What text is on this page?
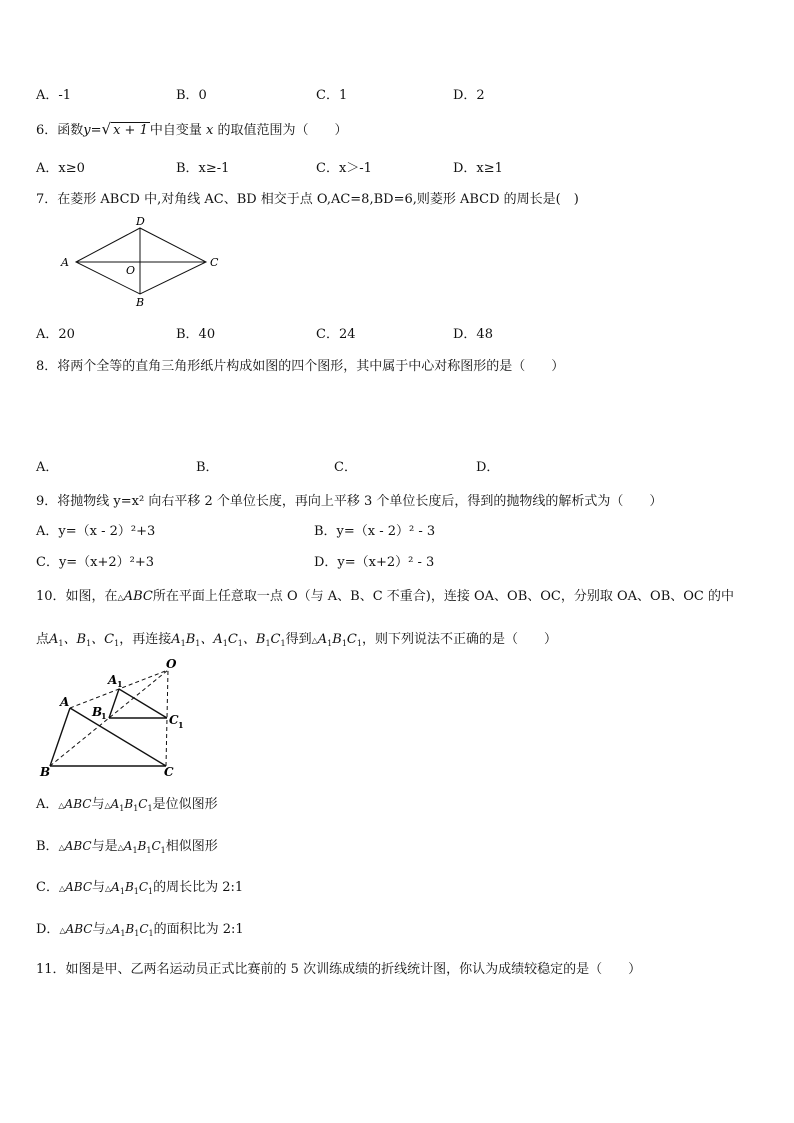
A．-1	B．0	C．1	D．2
6．函数y=√ x + 1 中自变量 x 的取值范围为（　　）
A．x≥0	B．x≥-1	C．x＞-1	D．x≥1
7．在菱形 ABCD 中,对角线 AC、BD 相交于点 O,AC=8,BD=6,则菱形 ABCD 的周长是(　)
A
D
C
B
O
A．20	B．40	C．24	D．48
8．将两个全等的直角三角形纸片构成如图的四个图形，其中属于中心对称图形的是（　　）
A．	B．	C．	D．
9．将抛物线 y=x² 向右平移 2 个单位长度，再向上平移 3 个单位长度后，得到的抛物线的解析式为（　　）
A．y=（x - 2）²+3	B．y=（x - 2）² - 3
C．y=（x+2）²+3	D．y=（x+2）² - 3
10．如图，在△ABC所在平面上任意取一点 O（与 A、B、C 不重合)，连接 OA、OB、OC，分别取 OA、OB、OC 的中
点$A_1$、$B_1$、$C_1$，再连接$A_1B_1$、$A_1C_1$、$B_1C_1$得到$\triangle A_1B_1C_1$，则下列说法不正确的是（　　）
O
A 1
B
1	C 1
A
B	C
A．△ABC与$\triangle A_1B_1C_1$是位似图形
B．△ABC与是$\triangle A_1B_1C_1$相似图形
C．△ABC与$\triangle A_1B_1C_1$的周长比为 2:1
D．△ABC与$\triangle A_1B_1C_1$的面积比为 2:1
11．如图是甲、乙两名运动员正式比赛前的 5 次训练成绩的折线统计图，你认为成绩较稳定的是（　　）
